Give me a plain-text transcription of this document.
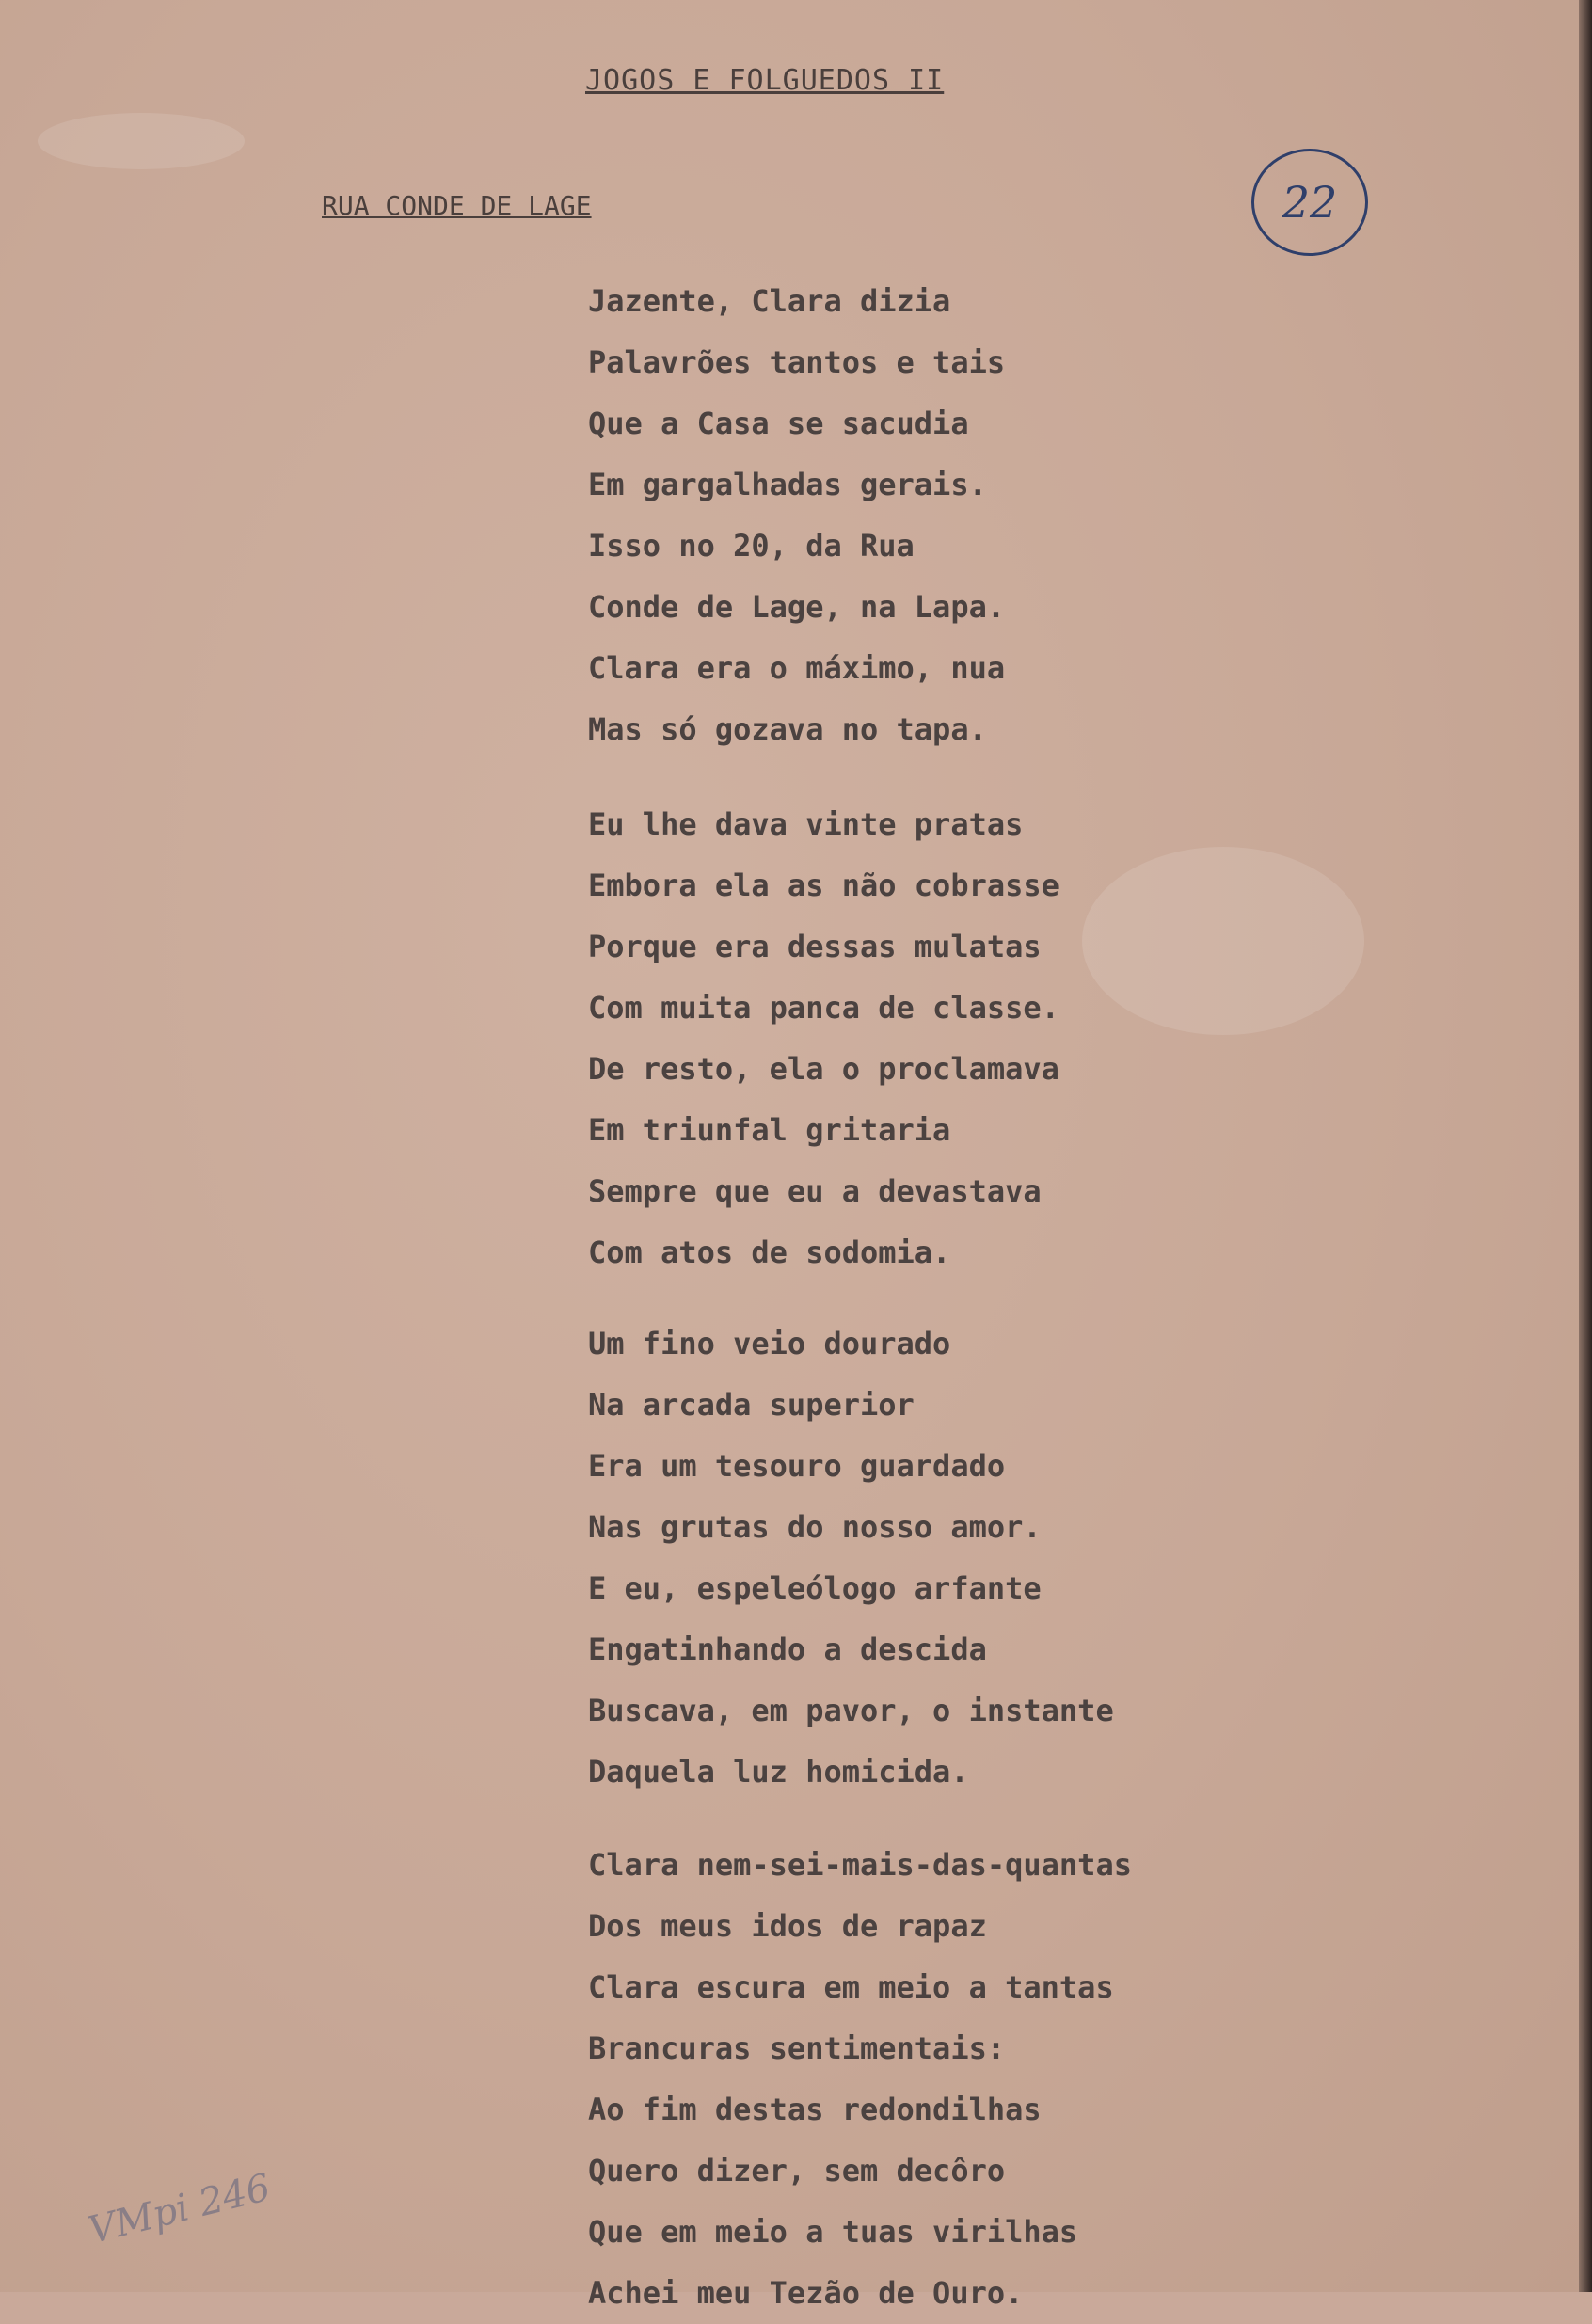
JOGOS E FOLGUEDOS II
RUA CONDE DE LAGE	22
Jazente, Clara dizia
Palavrões tantos e tais
Que a Casa se sacudia
Em gargalhadas gerais.
Isso no 20, da Rua
Conde de Lage, na Lapa.
Clara era o máximo, nua
Mas só gozava no tapa.
Eu lhe dava vinte pratas
Embora ela as não cobrasse
Porque era dessas mulatas
Com muita panca de classe.
De resto, ela o proclamava
Em triunfal gritaria
Sempre que eu a devastava
Com atos de sodomia.
Um fino veio dourado
Na arcada superior
Era um tesouro guardado
Nas grutas do nosso amor.
E eu, espeleólogo arfante
Engatinhando a descida
Buscava, em pavor, o instante
Daquela luz homicida.
Clara nem-sei-mais-das-quantas
Dos meus idos de rapaz
Clara escura em meio a tantas
Brancuras sentimentais:
Ao fim destas redondilhas
Quero dizer, sem decôro
Que em meio a tuas virilhas
Achei meu Tezão de Ouro.
VMpi 246
